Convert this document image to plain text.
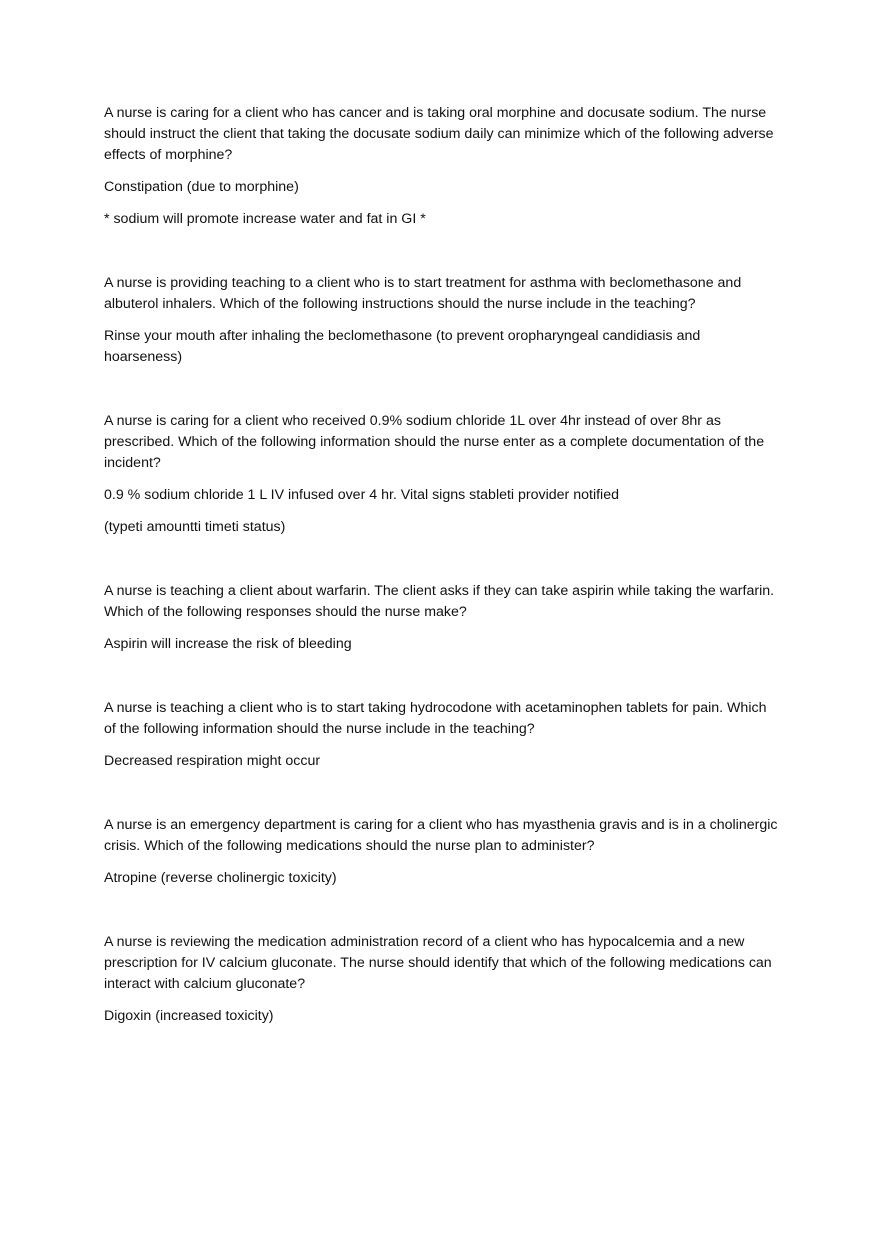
A nurse is caring for a client who has cancer and is taking oral morphine and docusate sodium. The nurse should instruct the client that taking the docusate sodium daily can minimize which of the following adverse effects of morphine?

Constipation (due to morphine)

* sodium will promote increase water and fat in GI *

A nurse is providing teaching to a client who is to start treatment for asthma with beclomethasone and albuterol inhalers. Which of the following instructions should the nurse include in the teaching?

Rinse your mouth after inhaling the beclomethasone (to prevent oropharyngeal candidiasis and hoarseness)

A nurse is caring for a client who received 0.9% sodium chloride 1L over 4hr instead of over 8hr as prescribed. Which of the following information should the nurse enter as a complete documentation of the incident?

0.9 % sodium chloride 1 L IV infused over 4 hr. Vital signs stableti provider notified

(typeti amountti timeti status)

A nurse is teaching a client about warfarin. The client asks if they can take aspirin while taking the warfarin. Which of the following responses should the nurse make?

Aspirin will increase the risk of bleeding

A nurse is teaching a client who is to start taking hydrocodone with acetaminophen tablets for pain. Which of the following information should the nurse include in the teaching?

Decreased respiration might occur

A nurse is an emergency department is caring for a client who has myasthenia gravis and is in a cholinergic crisis. Which of the following medications should the nurse plan to administer?

Atropine (reverse cholinergic toxicity)

A nurse is reviewing the medication administration record of a client who has hypocalcemia and a new prescription for IV calcium gluconate. The nurse should identify that which of the following medications can interact with calcium gluconate?

Digoxin (increased toxicity)
